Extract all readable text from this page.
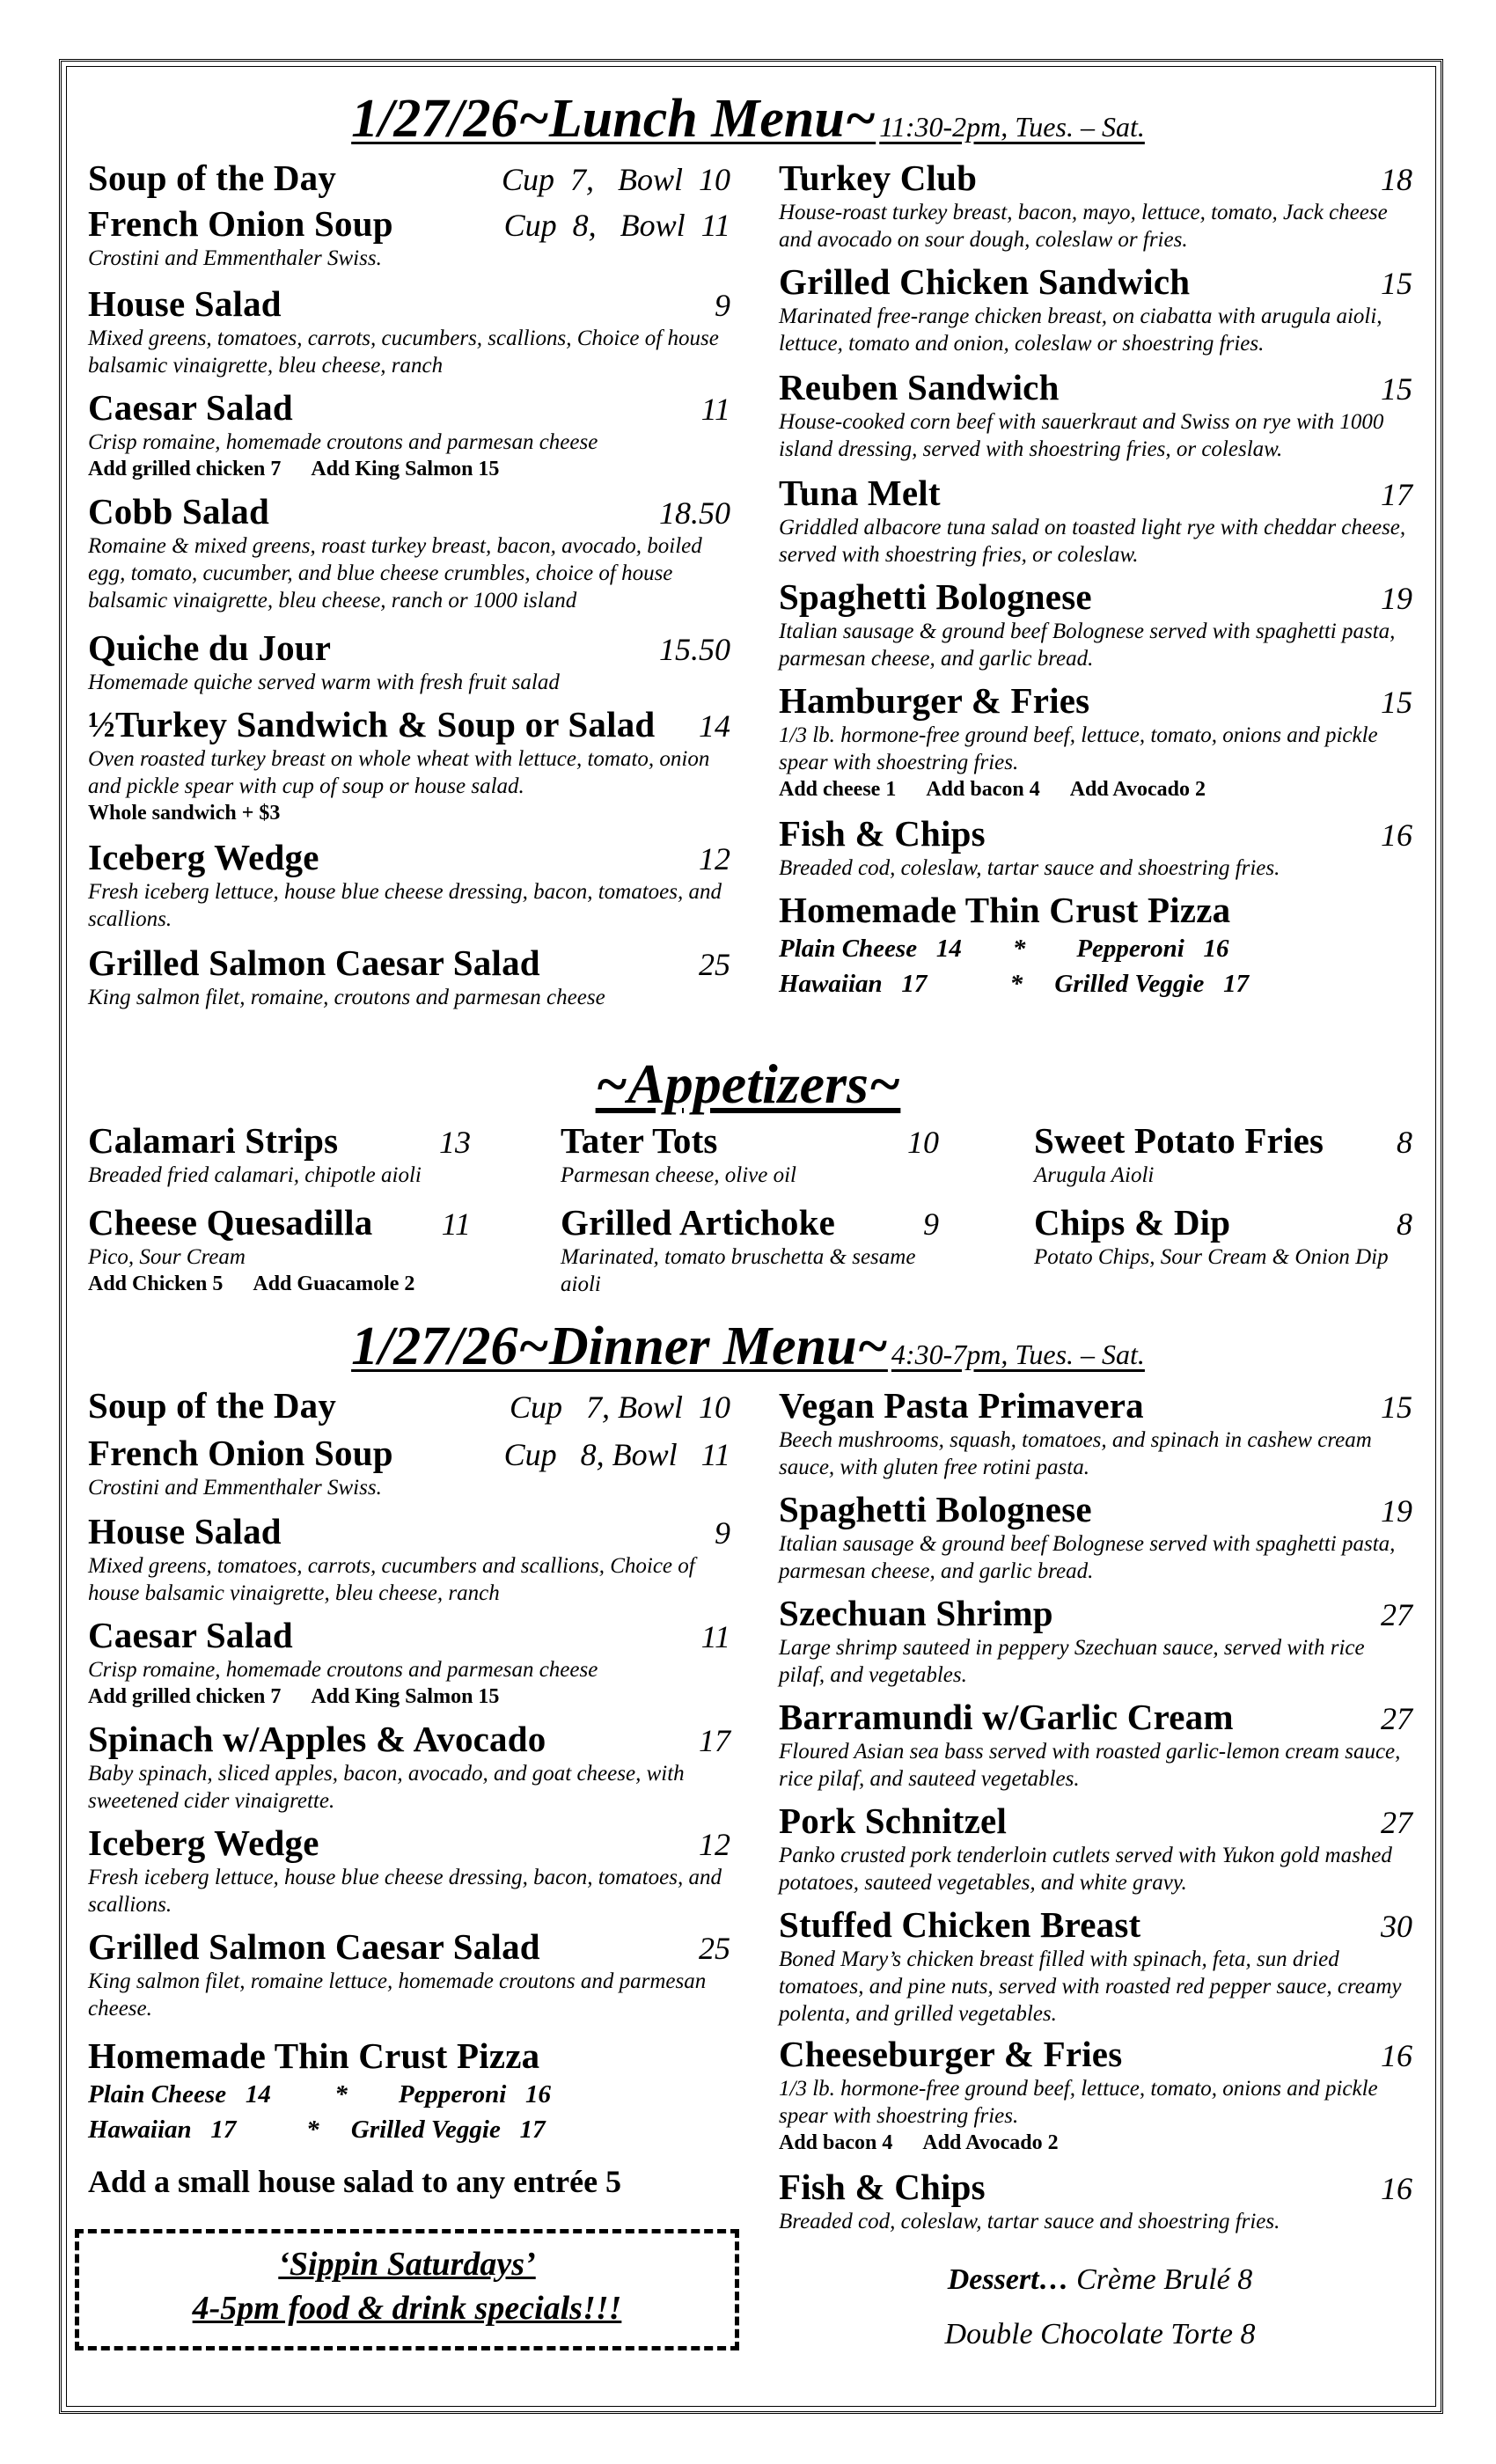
1/27/26~Lunch Menu~ 11:30-2pm, Tues. – Sat.
Soup of the Day	Cup  7,   Bowl  10
French Onion Soup	Cup  8,   Bowl  11
Crostini and Emmenthaler Swiss.
House Salad	9
Mixed greens, tomatoes, carrots, cucumbers, scallions, Choice of house balsamic vinaigrette, bleu cheese, ranch
Caesar Salad	11
Crisp romaine, homemade croutons and parmesan cheese
Add grilled chicken 7 Add King Salmon 15
Cobb Salad	18.50
Romaine & mixed greens, roast turkey breast, bacon, avocado, boiled egg, tomato, cucumber, and blue cheese crumbles, choice of house balsamic vinaigrette, bleu cheese, ranch or 1000 island
Quiche du Jour	15.50
Homemade quiche served warm with fresh fruit salad
½Turkey Sandwich & Soup or Salad 14
Oven roasted turkey breast on whole wheat with lettuce, tomato, onion and pickle spear with cup of soup or house salad.
Whole sandwich + $3
Iceberg Wedge	12
Fresh iceberg lettuce, house blue cheese dressing, bacon, tomatoes, and scallions.
Grilled Salmon Caesar Salad	25
King salmon filet, romaine, croutons and parmesan cheese
Turkey Club	18
House-roast turkey breast, bacon, mayo, lettuce, tomato, Jack cheese and avocado on sour dough, coleslaw or fries.
Grilled Chicken Sandwich	15
Marinated free-range chicken breast, on ciabatta with arugula aioli, lettuce, tomato and onion, coleslaw or shoestring fries.
Reuben Sandwich	15
House-cooked corn beef with sauerkraut and Swiss on rye with 1000 island dressing, served with shoestring fries, or coleslaw.
Tuna Melt	17
Griddled albacore tuna salad on toasted light rye with cheddar cheese, served with shoestring fries, or coleslaw.
Spaghetti Bolognese	19
Italian sausage & ground beef Bolognese served with spaghetti pasta, parmesan cheese, and garlic bread.
Hamburger & Fries	15
1/3 lb. hormone-free ground beef, lettuce, tomato, onions and pickle spear with shoestring fries.
Add cheese 1 Add bacon 4 Add Avocado 2
Fish & Chips	16
Breaded cod, coleslaw, tartar sauce and shoestring fries.
Homemade Thin Crust Pizza
Plain Cheese   14        *        Pepperoni   16
Hawaiian   17             *     Grilled Veggie   17
~Appetizers~
Calamari Strips	13
Breaded fried calamari, chipotle aioli
Cheese Quesadilla 11
Pico, Sour Cream
Add Chicken 5 Add Guacamole 2
Tater Tots	10
Parmesan cheese, olive oil
Grilled Artichoke	9
Marinated, tomato bruschetta & sesame aioli
Sweet Potato Fries 8
Arugula Aioli
Chips & Dip	8
Potato Chips, Sour Cream & Onion Dip
1/27/26~Dinner Menu~ 4:30-7pm, Tues. – Sat.
Soup of the Day	Cup   7, Bowl  10
French Onion Soup	Cup   8, Bowl   11
Crostini and Emmenthaler Swiss.
House Salad	9
Mixed greens, tomatoes, carrots, cucumbers and scallions, Choice of house balsamic vinaigrette, bleu cheese, ranch
Caesar Salad	11
Crisp romaine, homemade croutons and parmesan cheese
Add grilled chicken 7 Add King Salmon 15
Spinach w/Apples & Avocado	17
Baby spinach, sliced apples, bacon, avocado, and goat cheese, with sweetened cider vinaigrette.
Iceberg Wedge	12
Fresh iceberg lettuce, house blue cheese dressing, bacon, tomatoes, and scallions.
Grilled Salmon Caesar Salad	25
King salmon filet, romaine lettuce, homemade croutons and parmesan cheese.
Homemade Thin Crust Pizza
Plain Cheese   14          *        Pepperoni   16
Hawaiian   17           *     Grilled Veggie   17
Add a small house salad to any entrée 5
Vegan Pasta Primavera	15
Beech mushrooms, squash, tomatoes, and spinach in cashew cream sauce, with gluten free rotini pasta.
Spaghetti Bolognese	19
Italian sausage & ground beef Bolognese served with spaghetti pasta, parmesan cheese, and garlic bread.
Szechuan Shrimp	27
Large shrimp sauteed in peppery Szechuan sauce, served with rice pilaf, and vegetables.
Barramundi w/Garlic Cream	27
Floured Asian sea bass served with roasted garlic-lemon cream sauce, rice pilaf, and sauteed vegetables.
Pork Schnitzel	27
Panko crusted pork tenderloin cutlets served with Yukon gold mashed potatoes, sauteed vegetables, and white gravy.
Stuffed Chicken Breast	30
Boned Mary’s chicken breast filled with spinach, feta, sun dried tomatoes, and pine nuts, served with roasted red pepper sauce, creamy polenta, and grilled vegetables.
Cheeseburger & Fries	16
1/3 lb. hormone-free ground beef, lettuce, tomato, onions and pickle spear with shoestring fries.
Add bacon 4 Add Avocado 2
Fish & Chips	16
Breaded cod, coleslaw, tartar sauce and shoestring fries.
‘Sippin Saturdays’
4-5pm food & drink specials!!!
Dessert… Crème Brulé 8
Double Chocolate Torte 8
